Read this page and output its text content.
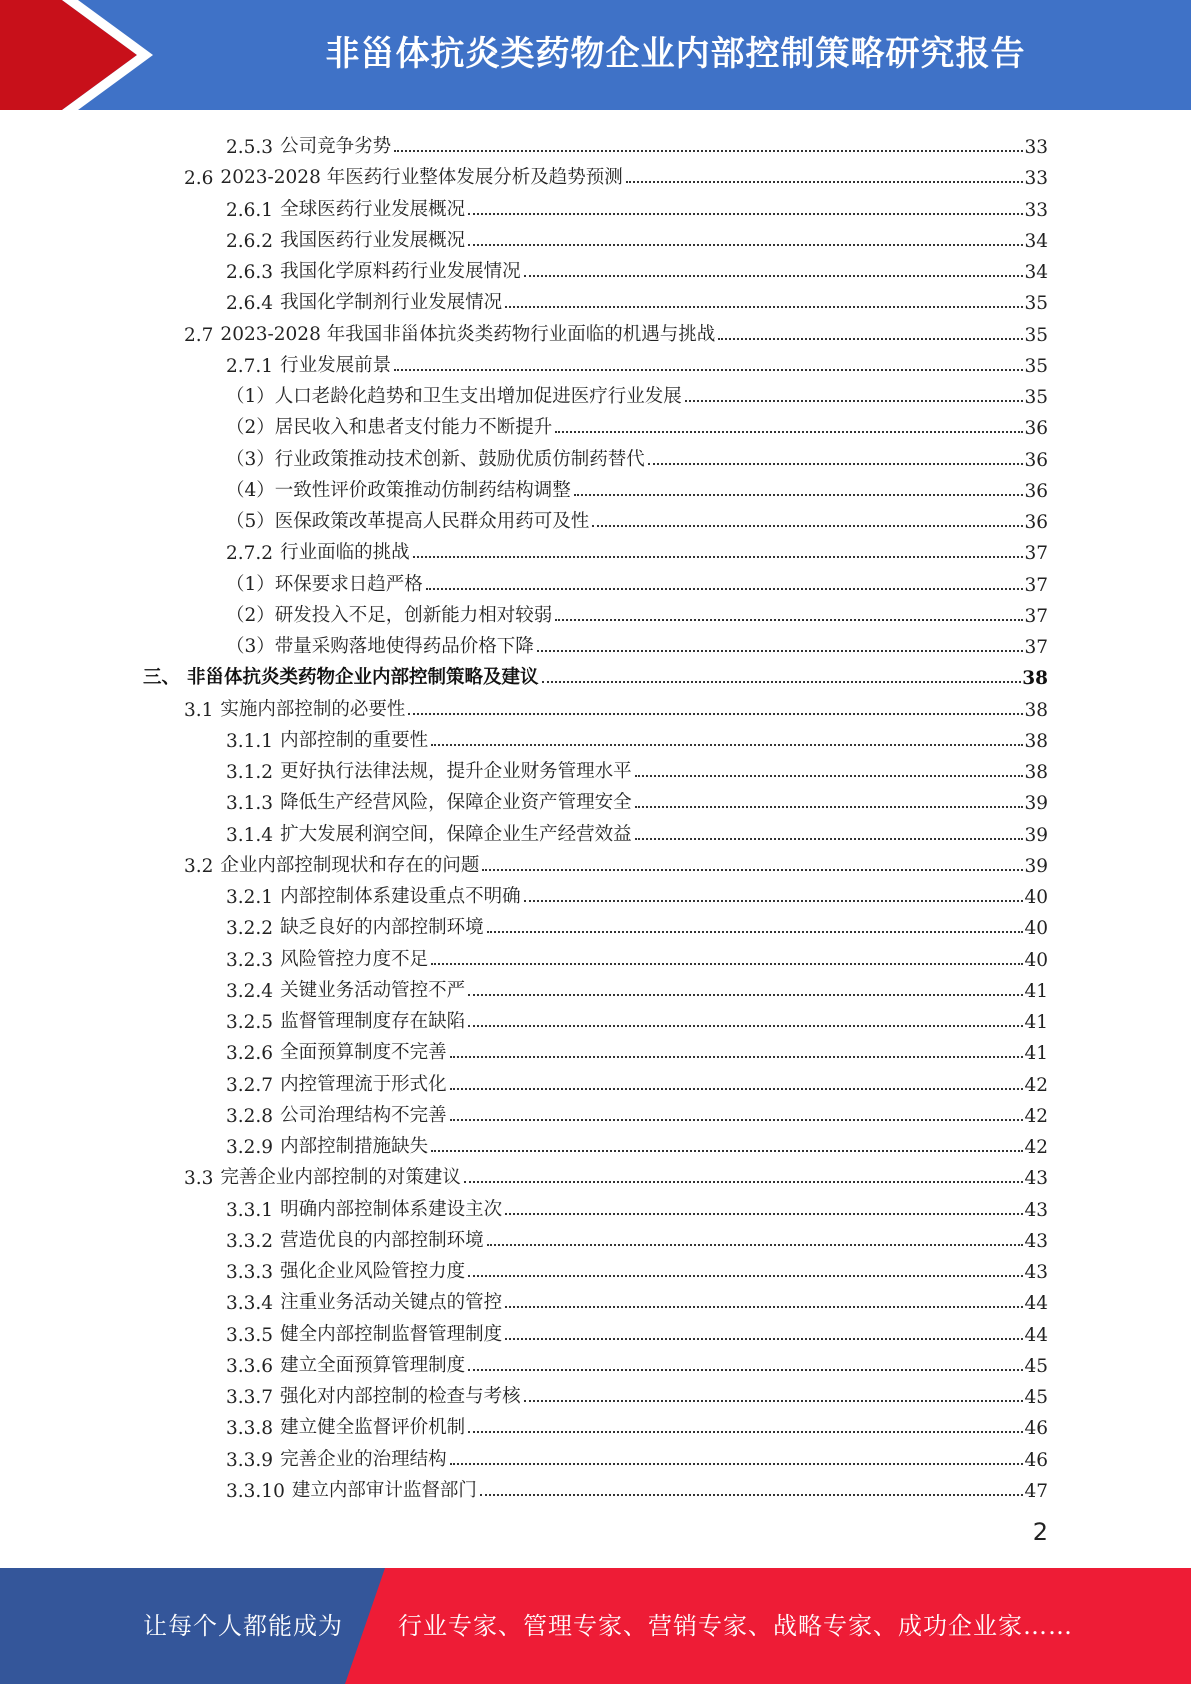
非甾体抗炎类药物企业内部控制策略研究报告
2.5.3 公司竞争劣势	33
2.6 2023-2028 年医药行业整体发展分析及趋势预测	33
2.6.1 全球医药行业发展概况	33
2.6.2 我国医药行业发展概况	34
2.6.3 我国化学原料药行业发展情况	34
2.6.4 我国化学制剂行业发展情况	35
2.7 2023-2028 年我国非甾体抗炎类药物行业面临的机遇与挑战	35
2.7.1 行业发展前景	35
（1） 人口老龄化趋势和卫生支出增加促进医疗行业发展	35
（2） 居民收入和患者支付能力不断提升	36
（3） 行业政策推动技术创新、鼓励优质仿制药替代	36
（4） 一致性评价政策推动仿制药结构调整	36
（5） 医保政策改革提高人民群众用药可及性	36
2.7.2 行业面临的挑战	37
（1） 环保要求日趋严格	37
（2） 研发投入不足，创新能力相对较弱	37
（3） 带量采购落地使得药品价格下降	37
三、 非甾体抗炎类药物企业内部控制策略及建议	38
3.1 实施内部控制的必要性	38
3.1.1 内部控制的重要性	38
3.1.2 更好执行法律法规，提升企业财务管理水平	38
3.1.3 降低生产经营风险，保障企业资产管理安全	39
3.1.4 扩大发展利润空间，保障企业生产经营效益	39
3.2 企业内部控制现状和存在的问题	39
3.2.1 内部控制体系建设重点不明确	40
3.2.2 缺乏良好的内部控制环境	40
3.2.3 风险管控力度不足	40
3.2.4 关键业务活动管控不严	41
3.2.5 监督管理制度存在缺陷	41
3.2.6 全面预算制度不完善	41
3.2.7 内控管理流于形式化	42
3.2.8 公司治理结构不完善	42
3.2.9 内部控制措施缺失	42
3.3 完善企业内部控制的对策建议	43
3.3.1 明确内部控制体系建设主次	43
3.3.2 营造优良的内部控制环境	43
3.3.3 强化企业风险管控力度	43
3.3.4 注重业务活动关键点的管控	44
3.3.5 健全内部控制监督管理制度	44
3.3.6 建立全面预算管理制度	45
3.3.7 强化对内部控制的检查与考核	45
3.3.8 建立健全监督评价机制	46
3.3.9 完善企业的治理结构	46
3.3.10 建立内部审计监督部门	47
2
让每个人都能成为 行业专家、管理专家、营销专家、战略专家、成功企业家……
